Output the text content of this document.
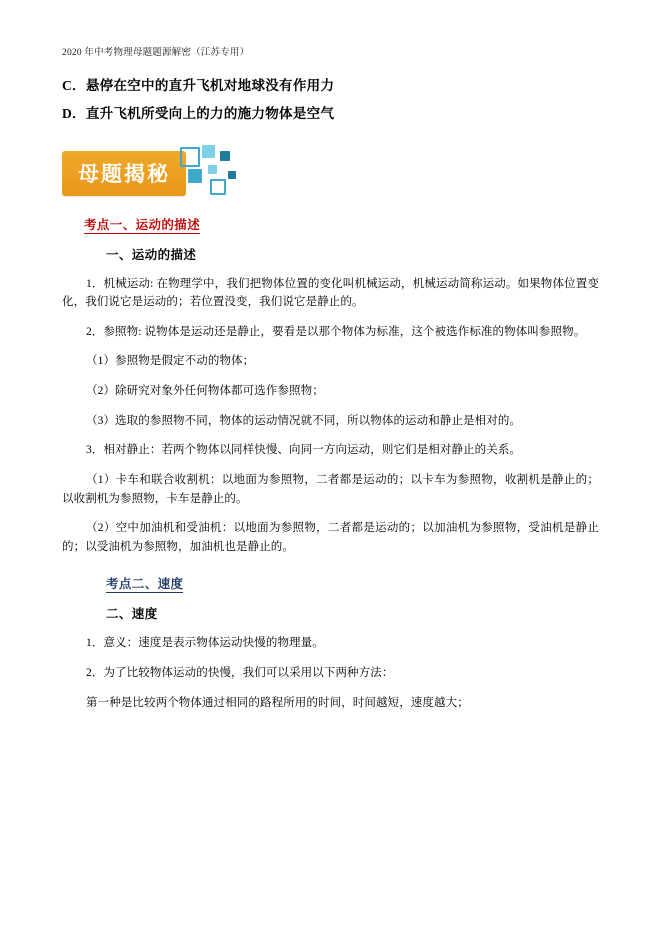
2020 年中考物理母题题源解密（江苏专用）
C．悬停在空中的直升飞机对地球没有作用力
D．直升飞机所受向上的力的施力物体是空气
母题揭秘
考点一、运动的描述
一、运动的描述

1．机械运动: 在物理学中，我们把物体位置的变化叫机械运动，机械运动简称运动。如果物体位置变化，我们说它是运动的；若位置没变，我们说它是静止的。

2．参照物: 说物体是运动还是静止，要看是以那个物体为标准，这个被选作标准的物体叫参照物。

（1）参照物是假定不动的物体；

（2）除研究对象外任何物体都可选作参照物；

（3）选取的参照物不同，物体的运动情况就不同，所以物体的运动和静止是相对的。

3．相对静止：若两个物体以同样快慢、向同一方向运动，则它们是相对静止的关系。

（1）卡车和联合收割机：以地面为参照物，二者都是运动的；以卡车为参照物，收割机是静止的；以收割机为参照物，卡车是静止的。

（2）空中加油机和受油机：以地面为参照物，二者都是运动的；以加油机为参照物，受油机是静止的；以受油机为参照物，加油机也是静止的。

考点二、速度
二、速度

1．意义：速度是表示物体运动快慢的物理量。

2．为了比较物体运动的快慢，我们可以采用以下两种方法：

第一种是比较两个物体通过相同的路程所用的时间，时间越短，速度越大；
